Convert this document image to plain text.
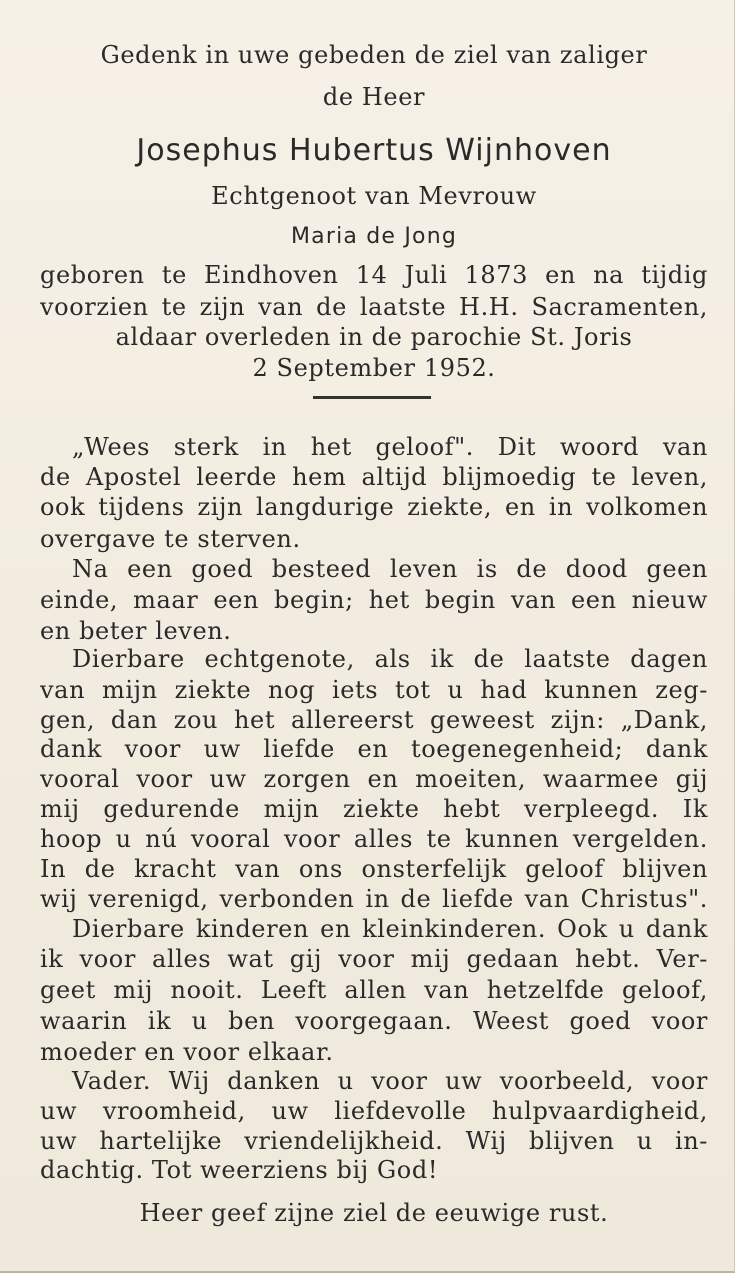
Gedenk in uwe gebeden de ziel van zaliger
de Heer
Josephus Hubertus Wijnhoven
Echtgenoot van Mevrouw
Maria de Jong
geboren te Eindhoven 14 Juli 1873 en na tijdig
voorzien te zijn van de laatste H.H. Sacramenten,
aldaar overleden in de parochie St. Joris
2 September 1952.
„Wees sterk in het geloof". Dit woord van
de Apostel leerde hem altijd blijmoedig te leven,
ook tijdens zijn langdurige ziekte, en in volkomen
overgave te sterven.
Na een goed besteed leven is de dood geen
einde, maar een begin; het begin van een nieuw
en beter leven.
Dierbare echtgenote, als ik de laatste dagen
van mijn ziekte nog iets tot u had kunnen zeg-
gen, dan zou het allereerst geweest zijn: „Dank,
dank voor uw liefde en toegenegenheid; dank
vooral voor uw zorgen en moeiten, waarmee gij
mij gedurende mijn ziekte hebt verpleegd. Ik
hoop u nú vooral voor alles te kunnen vergelden.
In de kracht van ons onsterfelijk geloof blijven
wij verenigd, verbonden in de liefde van Christus".
Dierbare kinderen en kleinkinderen. Ook u dank
ik voor alles wat gij voor mij gedaan hebt. Ver-
geet mij nooit. Leeft allen van hetzelfde geloof,
waarin ik u ben voorgegaan. Weest goed voor
moeder en voor elkaar.
Vader. Wij danken u voor uw voorbeeld, voor
uw vroomheid, uw liefdevolle hulpvaardigheid,
uw hartelijke vriendelijkheid. Wij blijven u in-
dachtig. Tot weerziens bij God!
Heer geef zijne ziel de eeuwige rust.
